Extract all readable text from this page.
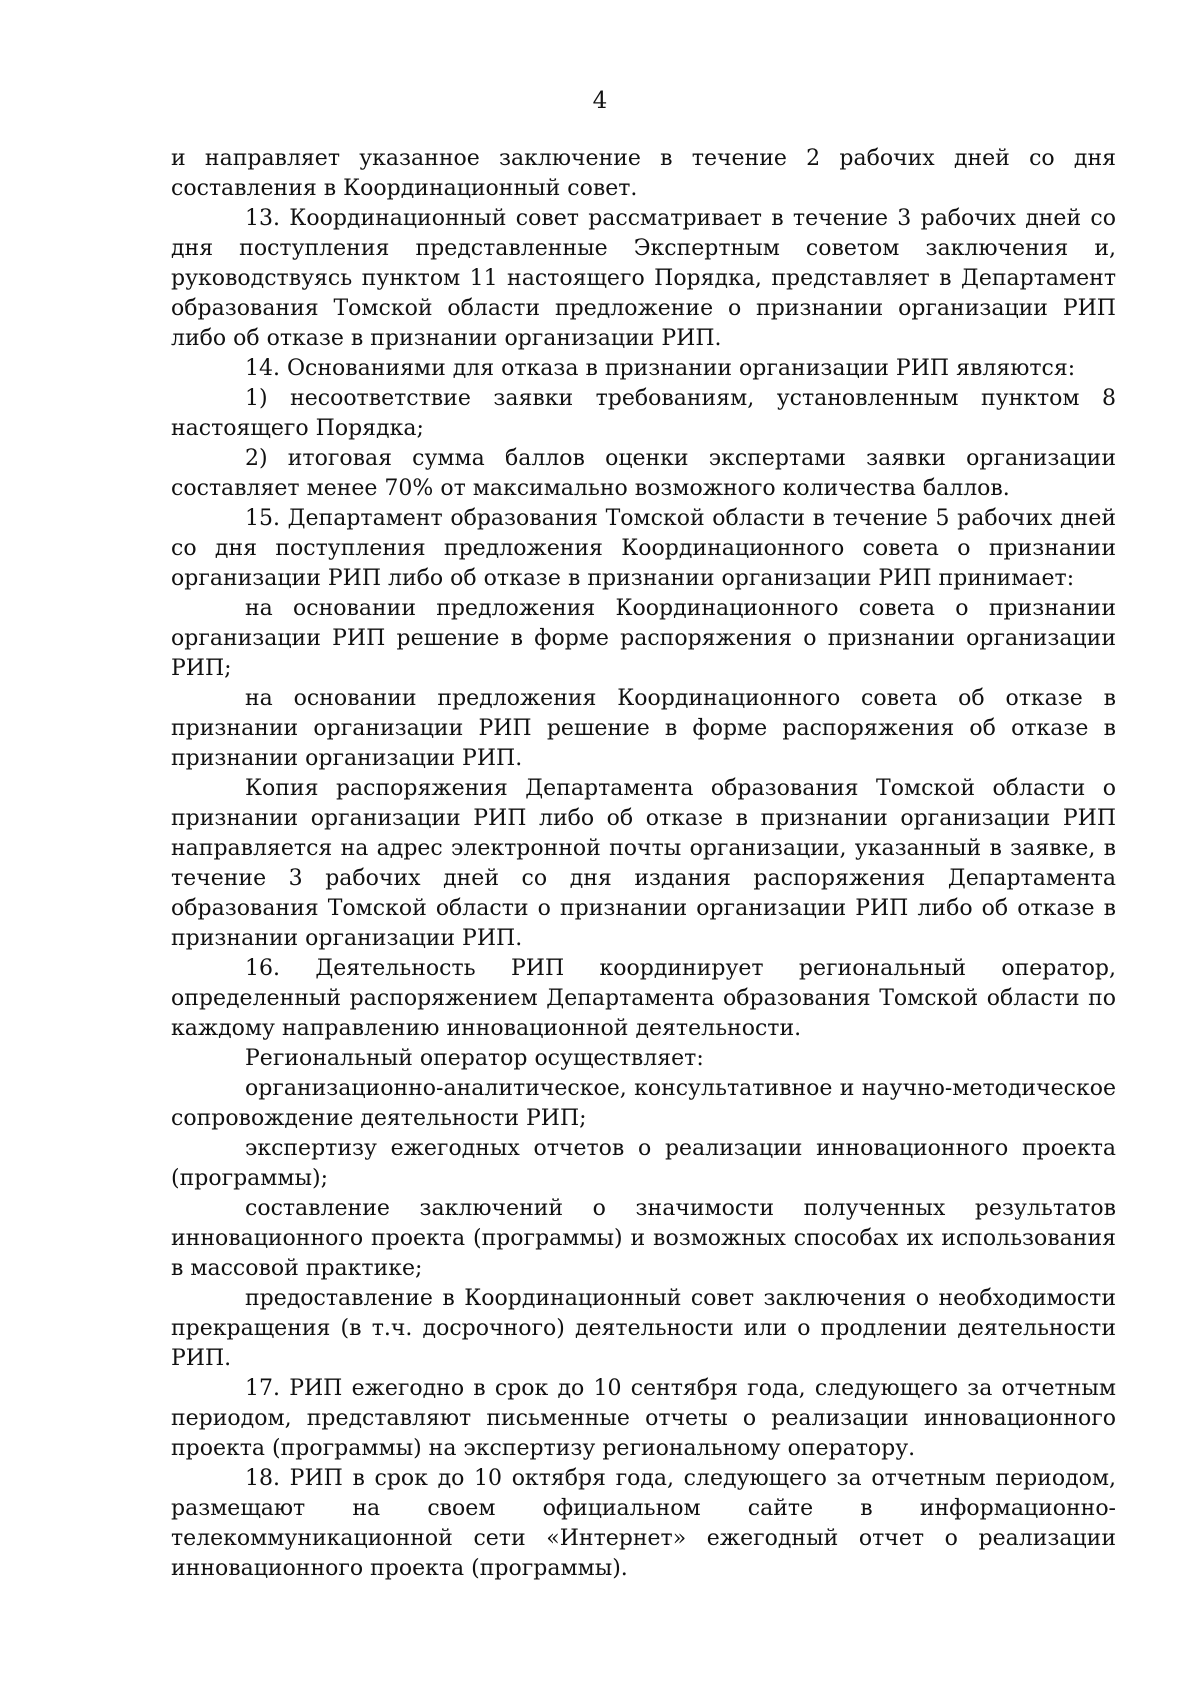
4

и направляет указанное заключение в течение 2 рабочих дней со дня составления в Координационный совет.

13. Координационный совет рассматривает в течение 3 рабочих дней со дня поступления представленные Экспертным советом заключения и, руководствуясь пунктом 11 настоящего Порядка, представляет в Департамент образования Томской области предложение о признании организации РИП либо об отказе в признании организации РИП.

14. Основаниями для отказа в признании организации РИП являются:

1) несоответствие заявки требованиям, установленным пунктом 8 настоящего Порядка;

2) итоговая сумма баллов оценки экспертами заявки организации составляет менее 70% от максимально возможного количества баллов.

15. Департамент образования Томской области в течение 5 рабочих дней со дня поступления предложения Координационного совета о признании организации РИП либо об отказе в признании организации РИП принимает:

на основании предложения Координационного совета о признании организации РИП решение в форме распоряжения о признании организации РИП;

на основании предложения Координационного совета об отказе в признании организации РИП решение в форме распоряжения об отказе в признании организации РИП.

Копия распоряжения Департамента образования Томской области о признании организации РИП либо об отказе в признании организации РИП направляется на адрес электронной почты организации, указанный в заявке, в течение 3 рабочих дней со дня издания распоряжения Департамента образования Томской области о признании организации РИП либо об отказе в признании организации РИП.

16. Деятельность РИП координирует региональный оператор, определенный распоряжением Департамента образования Томской области по каждому направлению инновационной деятельности.

Региональный оператор осуществляет:

организационно-аналитическое, консультативное и научно-методическое сопровождение деятельности РИП;

экспертизу ежегодных отчетов о реализации инновационного проекта (программы);

составление заключений о значимости полученных результатов инновационного проекта (программы) и возможных способах их использования в массовой практике;

предоставление в Координационный совет заключения о необходимости прекращения (в т.ч. досрочного) деятельности или о продлении деятельности РИП.

17. РИП ежегодно в срок до 10 сентября года, следующего за отчетным периодом, представляют письменные отчеты о реализации инновационного проекта (программы) на экспертизу региональному оператору.

18. РИП в срок до 10 октября года, следующего за отчетным периодом, размещают на своем официальном сайте в информационно-телекоммуникационной сети «Интернет» ежегодный отчет о реализации инновационного проекта (программы).
